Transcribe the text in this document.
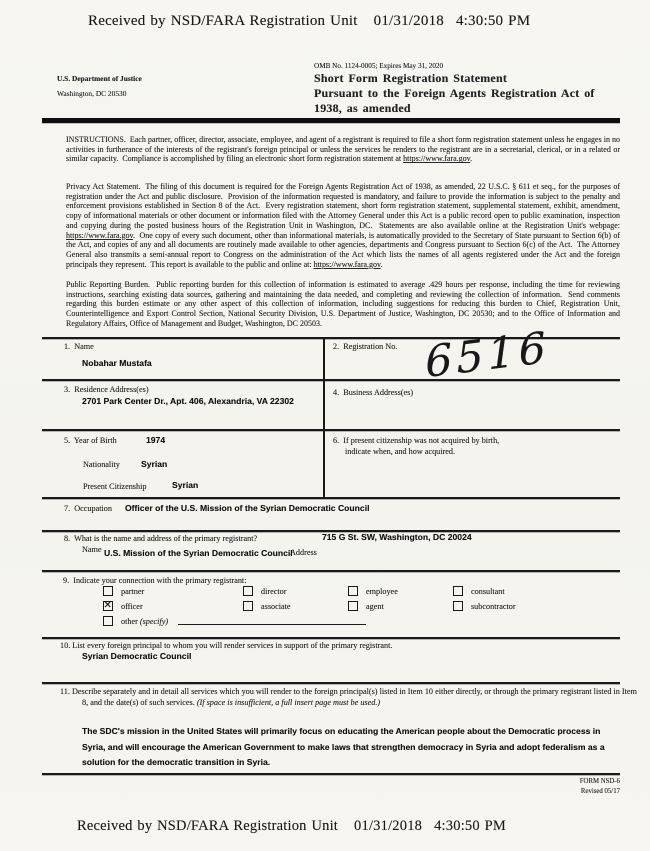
Received by NSD/FARA Registration Unit 01/31/2018 4:30:50 PM
U.S. Department of Justice
Washington, DC 20530
OMB No. 1124-0005; Expires May 31, 2020
Short Form Registration Statement
Pursuant to the Foreign Agents Registration Act of
1938, as amended
INSTRUCTIONS.  Each partner, officer, director, associate, employee, and agent of a registrant is required to file a short form registration statement unless he engages in no activities in furtherance of the interests of the registrant's foreign principal or unless the services he renders to the registrant are in a secretarial, clerical, or in a related or similar capacity.  Compliance is accomplished by filing an electronic short form registration statement at https://www.fara.gov.
Privacy Act Statement.  The filing of this document is required for the Foreign Agents Registration Act of 1938, as amended, 22 U.S.C. § 611 et seq., for the purposes of registration under the Act and public disclosure.  Provision of the information requested is mandatory, and failure to provide the information is subject to the penalty and enforcement provisions established in Section 8 of the Act.  Every registration statement, short form registration statement, supplemental statement, exhibit, amendment, copy of informational materials or other document or information filed with the Attorney General under this Act is a public record open to public examination, inspection and copying during the posted business hours of the Registration Unit in Washington, DC.  Statements are also available online at the Registration Unit's webpage: https://www.fara.gov.  One copy of every such document, other than informational materials, is automatically provided to the Secretary of State pursuant to Section 6(b) of the Act, and copies of any and all documents are routinely made available to other agencies, departments and Congress pursuant to Section 6(c) of the Act.  The Attorney General also transmits a semi-annual report to Congress on the administration of the Act which lists the names of all agents registered under the Act and the foreign principals they represent.  This report is available to the public and online at: https://www.fara.gov.
Public Reporting Burden.  Public reporting burden for this collection of information is estimated to average .429 hours per response, including the time for reviewing instructions, searching existing data sources, gathering and maintaining the data needed, and completing and reviewing the collection of information.  Send comments regarding this burden estimate or any other aspect of this collection of information, including suggestions for reducing this burden to Chief, Registration Unit, Counterintelligence and Export Control Section, National Security Division, U.S. Department of Justice, Washington, DC 20530; and to the Office of Information and Regulatory Affairs, Office of Management and Budget, Washington, DC 20503.
1.  Name
Nobahar Mustafa
2.  Registration No. 6516
3.  Residence Address(es)
2701 Park Center Dr., Apt. 406, Alexandria, VA 22302
4.  Business Address(es)
5.  Year of Birth	1974
Nationality Syrian
Present Citizenship	Syrian
6.  If present citizenship was not acquired by birth,
indicate when, and how acquired.
7.  Occupation Officer of the U.S. Mission of the Syrian Democratic Council
8.  What is the name and address of the primary registrant?	715 G St. SW, Washington, DC 20024
Name U.S. Mission of the Syrian Democratic Council
Address
9.  Indicate your connection with the primary registrant:
partner	director	employee	consultant
✕
officer	associate	agent	subcontractor
other (specify)
10. List every foreign principal to whom you will render services in support of the primary registrant.
Syrian Democratic Council
11. Describe separately and in detail all services which you will render to the foreign principal(s) listed in Item 10 either directly, or through the primary registrant listed in Item 8, and the date(s) of such services. (If space is insufficient, a full insert page must be used.)
The SDC's mission in the United States will primarily focus on educating the American people about the Democratic process in Syria, and will encourage the American Government to make laws that strengthen democracy in Syria and adopt federalism as a solution for the democratic transition in Syria.
FORM NSD-6
Revised 05/17
Received by NSD/FARA Registration Unit 01/31/2018 4:30:50 PM
